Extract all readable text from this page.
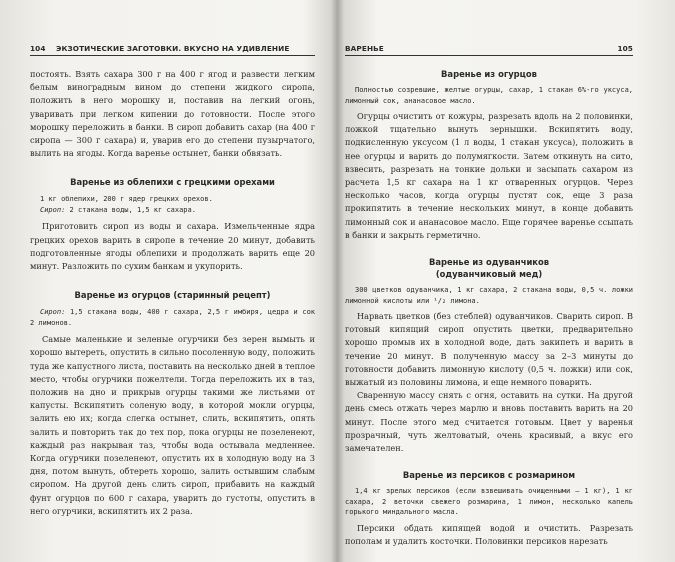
104 ЭКЗОТИЧЕСКИЕ ЗАГОТОВКИ. ВКУСНО НА УДИВЛЕНИЕ

постоять. Взять сахара 300 г на 400 г ягод и развести легким белым виноградным вином до степени жидкого сиропа, положить в него морошку и, поставив на легкий огонь, уваривать при легком кипении до готовности. После этого морошку переложить в банки. В сироп добавить сахар (на 400 г сиропа — 300 г сахара) и, уварив его до степени пузырчатого, вылить на ягоды. Когда варенье остынет, банки обвязать.

Варенье из облепихи с грецкими орехами

1 кг облепихи, 200 г ядер грецких орехов.

Сироп: 2 стакана воды, 1,5 кг сахара.

Приготовить сироп из воды и сахара. Измельченные ядра грецких орехов варить в сиропе в течение 20 минут, добавить подготовленные ягоды облепихи и продолжать варить еще 20 минут. Разложить по сухим банкам и укупорить.

Варенье из огурцов (старинный рецепт)

Сироп: 1,5 стакана воды, 400 г сахара, 2,5 г имбиря, цедра и сок 2 лимонов.

Самые маленькие и зеленые огурчики без зерен вымыть и хорошо вытереть, опустить в сильно посоленную воду, положить туда же капустного листа, поставить на несколько дней в теплое место, чтобы огурчики пожелтели. Тогда переложить их в таз, положив на дно и прикрыв огурцы такими же листьями от капусты. Вскипятить соленую воду, в которой мокли огурцы, залить ею их; когда слегка остынет, слить, вскипятить, опять залить и повторить так до тех пор, пока огурцы не позеленеют, каждый раз накрывая таз, чтобы вода остывала медленнее. Когда огурчики позеленеют, опустить их в холодную воду на 3 дня, потом вынуть, обтереть хорошо, залить остывшим слабым сиропом. На другой день слить сироп, прибавить на каждый фунт огурцов по 600 г сахара, уварить до густоты, опустить в него огурчики, вскипятить их 2 раза.

ВАРЕНЬЕ	105

Варенье из огурцов

Полностью созревшие, желтые огурцы, сахар, 1 стакан 6%-го уксуса, лимонный сок, ананасовое масло.

Огурцы очистить от кожуры, разрезать вдоль на 2 половинки, ложкой тщательно вынуть зернышки. Вскипятить воду, подкисленную уксусом (1 л воды, 1 стакан уксуса), положить в нее огурцы и варить до полумягкости. Затем откинуть на сито, взвесить, разрезать на тонкие дольки и засыпать сахаром из расчета 1,5 кг сахара на 1 кг отваренных огурцов. Через несколько часов, когда огурцы пустят сок, еще 3 раза прокипятить в течение нескольких минут, в конце добавить лимонный сок и ананасовое масло. Еще горячее варенье ссыпать в банки и закрыть герметично.

Варенье из одуванчиков

(одуванчиковый мед)

300 цветков одуванчика, 1 кг сахара, 2 стакана воды, 0,5 ч. ложки лимонной кислоты или ¹/₂ лимона.

Нарвать цветков (без стеблей) одуванчиков. Сварить сироп. В готовый кипящий сироп опустить цветки, предварительно хорошо промыв их в холодной воде, дать закипеть и варить в течение 20 минут. В полученную массу за 2–3 минуты до готовности добавить лимонную кислоту (0,5 ч. ложки) или сок, выжатый из половины лимона, и еще немного поварить.

Сваренную массу снять с огня, оставить на сутки. На другой день смесь отжать через марлю и вновь поставить варить на 20 минут. После этого мед считается готовым. Цвет у варенья прозрачный, чуть желтоватый, очень красивый, а вкус его замечателен.

Варенье из персиков с розмарином

1,4 кг зрелых персиков (если взвешивать очищенными — 1 кг), 1 кг сахара, 2 веточки свежего розмарина, 1 лимон, несколько капель горького миндального масла.

Персики обдать кипящей водой и очистить. Разрезать пополам и удалить косточки. Половинки персиков нарезать
